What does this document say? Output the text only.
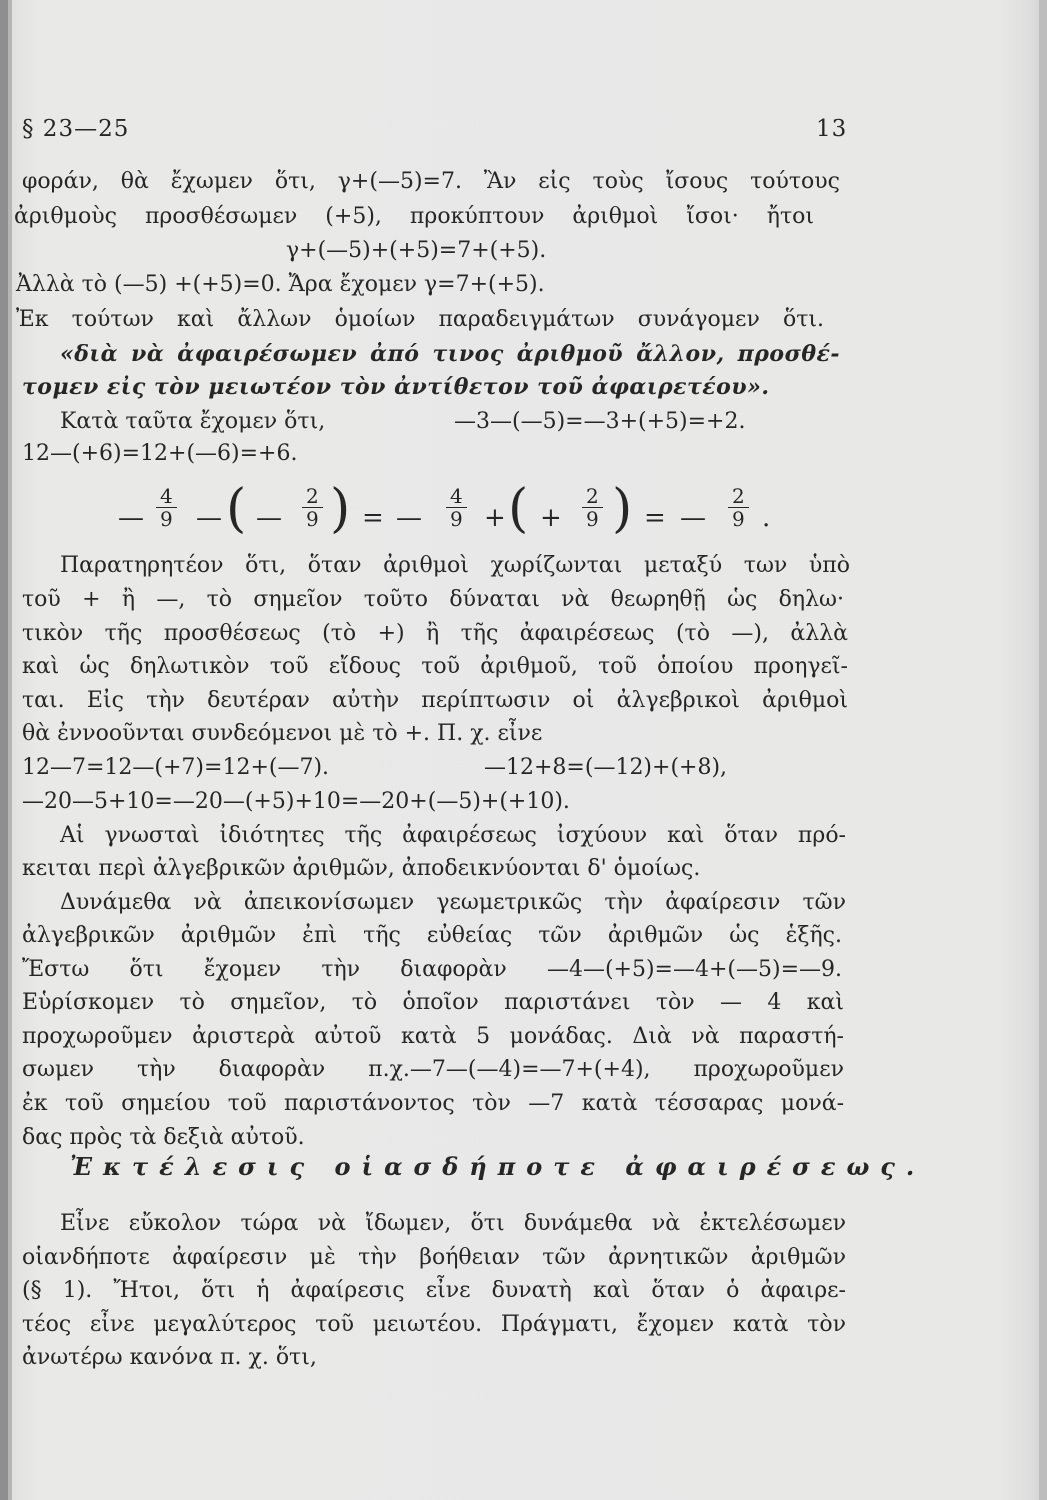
§ 23—25	13
φοράν, θὰ ἔχωμεν ὅτι, γ+(—5)=7. Ἂν εἰς τοὺς ἴσους τούτους
ἀριθμοὺς προσθέσωμεν (+5), προκύπτουν ἀριθμοὶ ἴσοι· ἤτοι
γ+(—5)+(+5)=7+(+5).
Ἀλλὰ τὸ (—5) +(+5)=0. Ἄρα ἔχομεν γ=7+(+5).
Ἐκ τούτων καὶ ἄλλων ὁμοίων παραδειγμάτων συνάγομεν ὅτι.
«διὰ νὰ ἀφαιρέσωμεν ἀπό τινος ἀριθμοῦ ἄλλον, προσθέ-
τομεν εἰς τὸν μειωτέον τὸν ἀντίθετον τοῦ ἀφαιρετέου».
Κατὰ ταῦτα ἔχομεν ὅτι,	—3—(—5)=—3+(+5)=+2.
12—(+6)=12+(—6)=+6.
— $\frac{4}{9}$ — ( — $\frac{2}{9}$ ) = — $\frac{4}{9}$ + ( + $\frac{2}{9}$ ) = — $\frac{2}{9}$ .
Παρατηρητέον ὅτι, ὅταν ἀριθμοὶ χωρίζωνται μεταξύ των ὑπὸ
τοῦ + ἢ —, τὸ σημεῖον τοῦτο δύναται νὰ θεωρηθῇ ὡς δηλω·
τικὸν τῆς προσθέσεως (τὸ +) ἢ τῆς ἀφαιρέσεως (τὸ —), ἀλλὰ
καὶ ὡς δηλωτικὸν τοῦ εἴδους τοῦ ἀριθμοῦ, τοῦ ὁποίου προηγεῖ-
ται. Εἰς τὴν δευτέραν αὐτὴν περίπτωσιν οἱ ἀλγεβρικοὶ ἀριθμοὶ
θὰ ἐννοοῦνται συνδεόμενοι μὲ τὸ +. Π. χ. εἶνε
12—7=12—(+7)=12+(—7).	—12+8=(—12)+(+8),
—20—5+10=—20—(+5)+10=—20+(—5)+(+10).
Αἱ γνωσταὶ ἰδιότητες τῆς ἀφαιρέσεως ἰσχύουν καὶ ὅταν πρό-
κειται περὶ ἀλγεβρικῶν ἀριθμῶν, ἀποδεικνύονται δ' ὁμοίως.
Δυνάμεθα νὰ ἀπεικονίσωμεν γεωμετρικῶς τὴν ἀφαίρεσιν τῶν
ἀλγεβρικῶν ἀριθμῶν ἐπὶ τῆς εὐθείας τῶν ἀριθμῶν ὡς ἑξῆς.
Ἔστω ὅτι ἔχομεν τὴν διαφορὰν —4—(+5)=—4+(—5)=—9.
Εὑρίσκομεν τὸ σημεῖον, τὸ ὁποῖον παριστάνει τὸν — 4 καὶ
προχωροῦμεν ἀριστερὰ αὐτοῦ κατὰ 5 μονάδας. Διὰ νὰ παραστή-
σωμεν τὴν διαφορὰν π.χ.—7—(—4)=—7+(+4), προχωροῦμεν
ἐκ τοῦ σημείου τοῦ παριστάνοντος τὸν —7 κατὰ τέσσαρας μονά-
δας πρὸς τὰ δεξιὰ αὐτοῦ.
Ἐκτέλεσις οἱασδήποτε ἀφαιρέσεως.
Εἶνε εὔκολον τώρα νὰ ἴδωμεν, ὅτι δυνάμεθα νὰ ἐκτελέσωμεν
οἱανδήποτε ἀφαίρεσιν μὲ τὴν βοήθειαν τῶν ἀρνητικῶν ἀριθμῶν
(§ 1). Ἤτοι, ὅτι ἡ ἀφαίρεσις εἶνε δυνατὴ καὶ ὅταν ὁ ἀφαιρε-
τέος εἶνε μεγαλύτερος τοῦ μειωτέου. Πράγματι, ἔχομεν κατὰ τὸν
ἀνωτέρω κανόνα π. χ. ὅτι,
